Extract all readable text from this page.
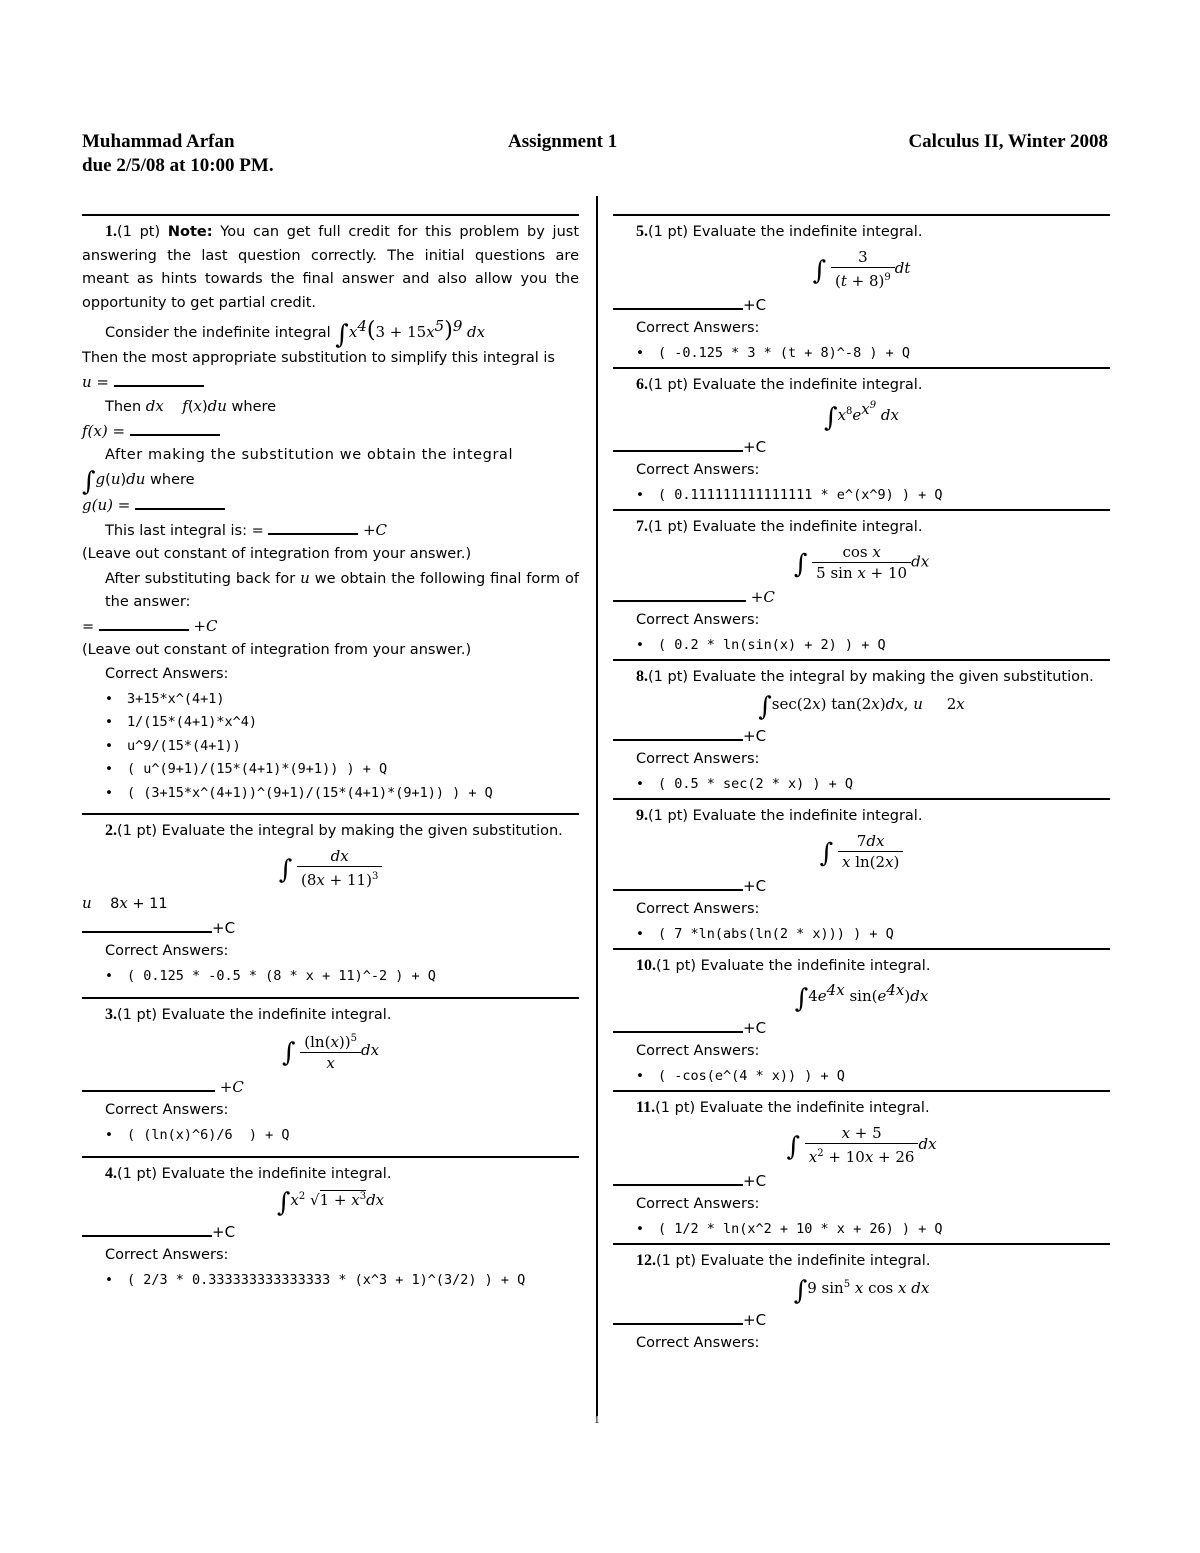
Muhammad Arfan
due 2/5/08 at 10:00 PM.
Assignment 1	Calculus II, Winter 2008
1.(1 pt) Note: You can get full credit for this problem by just answering the last question correctly. The initial questions are meant as hints towards the final answer and also allow you the opportunity to get partial credit.
Consider the indefinite integral $\int x^4(3 + 15x^5)^9$ dx
Then the most appropriate substitution to simplify this integral is
u =
Then dx f(x)du where
f(x) =
After making the substitution we obtain the integral
∫g(u)du where
g(u) =
This last integral is: =	+C
(Leave out constant of integration from your answer.)
After substituting back for u we obtain the following final form of the answer:
=	+C
(Leave out constant of integration from your answer.)
Correct Answers:
• 3+15*x^(4+1)
• 1/(15*(4+1)*x^4)
• u^9/(15*(4+1))
• ( u^(9+1)/(15*(4+1)*(9+1)) ) + Q
• ( (3+15*x^(4+1))^(9+1)/(15*(4+1)*(9+1)) ) + Q
2.(1 pt) Evaluate the integral by making the given substitution.
∫ $\frac{dx}{(8x + 11)^3}$
u    8x + 11
+C
Correct Answers:
• ( 0.125 * -0.5 * (8 * x + 11)^-2 ) + Q
3.(1 pt) Evaluate the indefinite integral.
∫ $\frac{(\ln(x))^5}{x}$ dx
+C
Correct Answers:
• ( (ln(x)^6)/6  ) + Q
4.(1 pt) Evaluate the indefinite integral.
$\int x^2$ $√1 + x^3dx$
+C
Correct Answers:
• ( 2/3 * 0.333333333333333 * (x^3 + 1)^(3/2) ) + Q
5.(1 pt) Evaluate the indefinite integral.
∫ $\frac{3}{(t + 8)^9}$ dt
+C
Correct Answers:
• ( -0.125 * 3 * (t + 8)^-8 ) + Q
6.(1 pt) Evaluate the indefinite integral.
$\int x^8e^{x^9}$ dx
+C
Correct Answers:
• ( 0.111111111111111 * e^(x^9) ) + Q
7.(1 pt) Evaluate the indefinite integral.
∫ $\frac{\text{cos x}}{\text{5 sin x + 10}}$ dx
+C
Correct Answers:
• ( 0.2 * ln(sin(x) + 2) ) + Q
8.(1 pt) Evaluate the integral by making the given substitution.
∫sec(2x) tan(2x)dx, u     2x
+C
Correct Answers:
• ( 0.5 * sec(2 * x) ) + Q
9.(1 pt) Evaluate the indefinite integral.
∫ $\frac{7dx}{\text{x ln(2x)}}$
+C
Correct Answers:
• ( 7 *ln(abs(ln(2 * x))) ) + Q
10.(1 pt) Evaluate the indefinite integral.
$\int 4e^{4x}$ $\sin(e^{4x})dx$
+C
Correct Answers:
• ( -cos(e^(4 * x)) ) + Q
11.(1 pt) Evaluate the indefinite integral.
∫ $\frac{x + 5}{x^2 + 10x + 26}$ dx
+C
Correct Answers:
• ( 1/2 * ln(x^2 + 10 * x + 26) ) + Q
12.(1 pt) Evaluate the indefinite integral.
∫9 $\sin^5 x$ cos x dx
+C
Correct Answers:
1
